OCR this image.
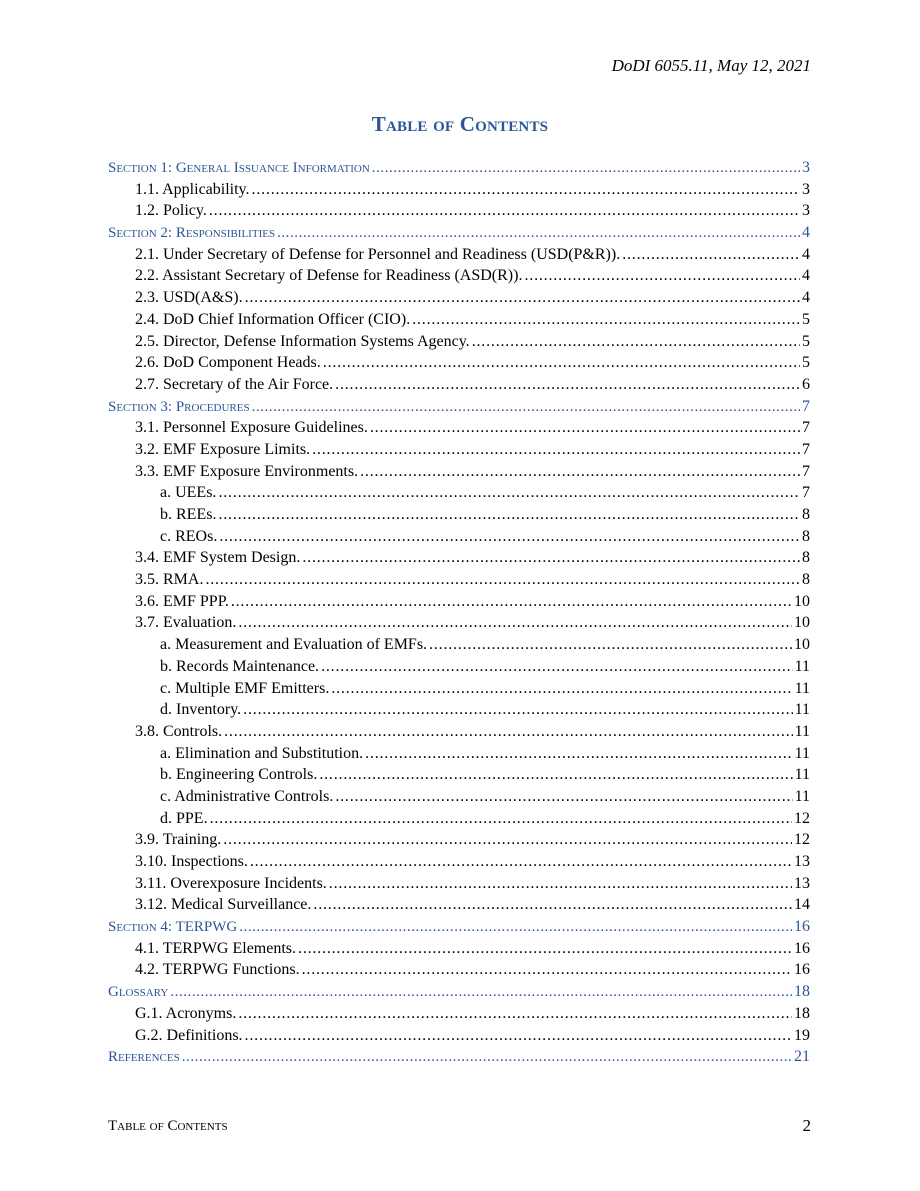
DoDI 6055.11, May 12, 2021
Table of Contents
Section 1: General Issuance Information . . .	3
1.1. Applicability. . . .	3
1.2. Policy. . . .	3
Section 2: Responsibilities . . .	4
2.1. Under Secretary of Defense for Personnel and Readiness (USD(P&R)). . . .	4
2.2. Assistant Secretary of Defense for Readiness (ASD(R)). . . .	4
2.3. USD(A&S). . . .	4
2.4. DoD Chief Information Officer (CIO). . . .	5
2.5. Director, Defense Information Systems Agency. . . .	5
2.6. DoD Component Heads. . . .	5
2.7. Secretary of the Air Force. . . .	6
Section 3: Procedures . . .	7
3.1. Personnel Exposure Guidelines. . . .	7
3.2. EMF Exposure Limits. . . .	7
3.3. EMF Exposure Environments. . . .	7
a. UEEs. . . .	7
b. REEs. . . .	8
c. REOs. . . .	8
3.4. EMF System Design. . . .	8
3.5. RMA. . . .	8
3.6. EMF PPP. . . .	10
3.7. Evaluation. . . .	10
a. Measurement and Evaluation of EMFs. . . .	10
b. Records Maintenance. . . .	11
c. Multiple EMF Emitters. . . .	11
d. Inventory. . . .	11
3.8. Controls. . . .	11
a. Elimination and Substitution. . . .	11
b. Engineering Controls. . . .	11
c. Administrative Controls. . . .	11
d. PPE. . . .	12
3.9. Training. . . .	12
3.10. Inspections. . . .	13
3.11. Overexposure Incidents. . . .	13
3.12. Medical Surveillance. . . .	14
Section 4: TERPWG . . .	16
4.1. TERPWG Elements. . . .	16
4.2. TERPWG Functions. . . .	16
Glossary . . .	18
G.1. Acronyms. . . .	18
G.2. Definitions. . . .	19
References . . .	21
Table of Contents	2
